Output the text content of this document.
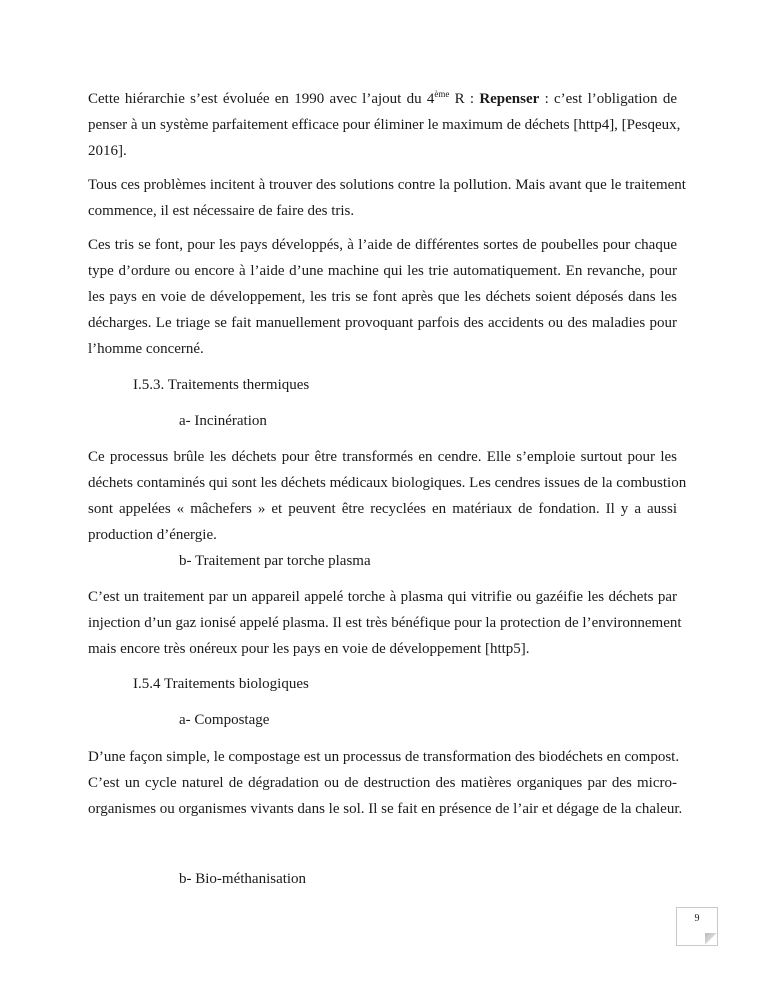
Cette hiérarchie s’est évoluée en 1990 avec l’ajout du 4ème R : Repenser : c’est l’obligation de
penser à un système parfaitement efficace pour éliminer le maximum de déchets [http4], [Pesqeux,
2016].

Tous ces problèmes incitent à trouver des solutions contre la pollution. Mais avant que le traitement
commence, il est nécessaire de faire des tris.

Ces tris se font, pour les pays développés, à l’aide de différentes sortes de poubelles pour chaque
type d’ordure ou encore à l’aide d’une machine qui les trie automatiquement. En revanche, pour
les pays en voie de développement, les tris se font après que les déchets soient déposés dans les
décharges. Le triage se fait manuellement provoquant parfois des accidents ou des maladies pour
l’homme concerné.

I.5.3. Traitements thermiques

a- Incinération

Ce processus brûle les déchets pour être transformés en cendre. Elle s’emploie surtout pour les
déchets contaminés qui sont les déchets médicaux biologiques. Les cendres issues de la combustion
sont appelées « mâchefers » et peuvent être recyclées en matériaux de fondation. Il y a aussi
production d’énergie.

b- Traitement par torche plasma

C’est un traitement par un appareil appelé torche à plasma qui vitrifie ou gazéifie les déchets par
injection d’un gaz ionisé appelé plasma. Il est très bénéfique pour la protection de l’environnement
mais encore très onéreux pour les pays en voie de développement [http5].

I.5.4 Traitements biologiques

a- Compostage

D’une façon simple, le compostage est un processus de transformation des biodéchets en compost.
C’est un cycle naturel de dégradation ou de destruction des matières organiques par des micro-
organismes ou organismes vivants dans le sol. Il se fait en présence de l’air et dégage de la chaleur.

b- Bio-méthanisation

9
